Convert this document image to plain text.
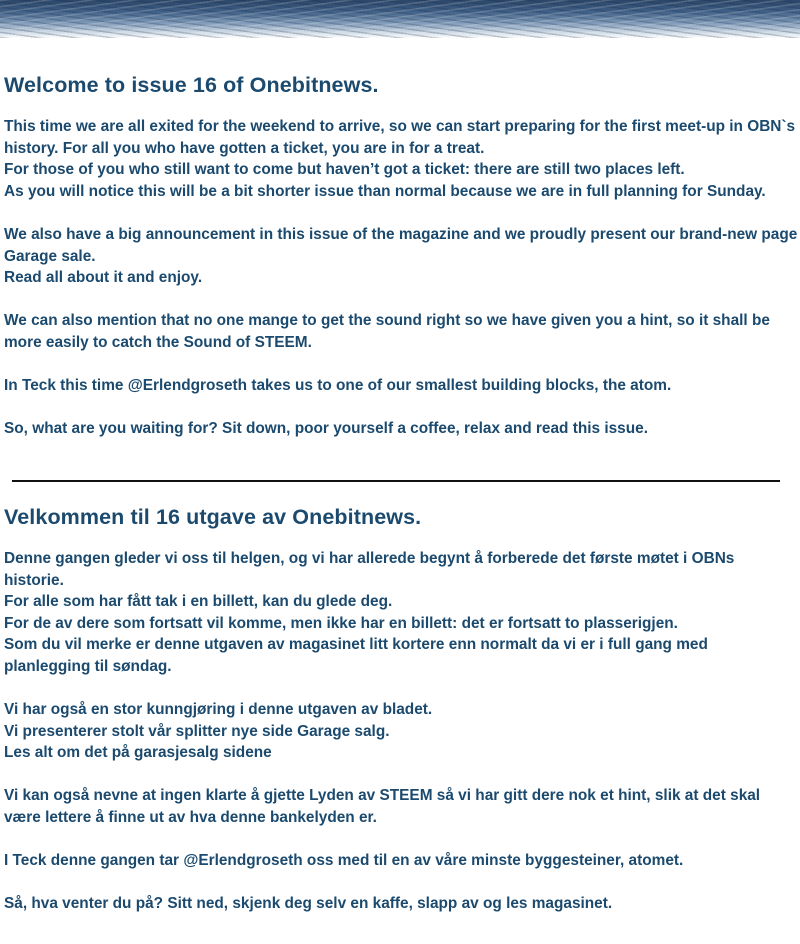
Welcome to issue 16 of Onebitnews.
This time we are all exited for the weekend to arrive, so we can start preparing for the first meet-up in OBN`s history. For all you who have gotten a ticket, you are in for a treat.
For those of you who still want to come but haven’t got a ticket: there are still two places left.
As you will notice this will be a bit shorter issue than normal because we are in full planning for Sunday.
We also have a big announcement in this issue of the magazine and we proudly present our brand-new page Garage sale.
Read all about it and enjoy.
We can also mention that no one mange to get the sound right so we have given you a hint, so it shall be more easily to catch the Sound of STEEM.
In Teck this time @Erlendgroseth takes us to one of our smallest building blocks, the atom.
So, what are you waiting for? Sit down, poor yourself a coffee, relax and read this issue.
Velkommen til 16 utgave av Onebitnews.
Denne gangen gleder vi oss til helgen, og vi har allerede begynt å forberede det første møtet i OBNs historie.
For alle som har fått tak i en billett, kan du glede deg.
For de av dere som fortsatt vil komme, men ikke har en billett: det er fortsatt to plasserigjen.
Som du vil merke er denne utgaven av magasinet litt kortere enn normalt da vi er i full gang med planlegging til søndag.
Vi har også en stor kunngjøring i denne utgaven av bladet.
Vi presenterer stolt vår splitter nye side Garage salg.
Les alt om det på garasjesalg sidene
Vi kan også nevne at ingen klarte å gjette Lyden av STEEM så vi har gitt dere nok et hint, slik at det skal være lettere å finne ut av hva denne bankelyden er.
I Teck denne gangen tar @Erlendgroseth oss med til en av våre minste byggesteiner, atomet.
Så, hva venter du på? Sitt ned, skjenk deg selv en kaffe, slapp av og les magasinet.
